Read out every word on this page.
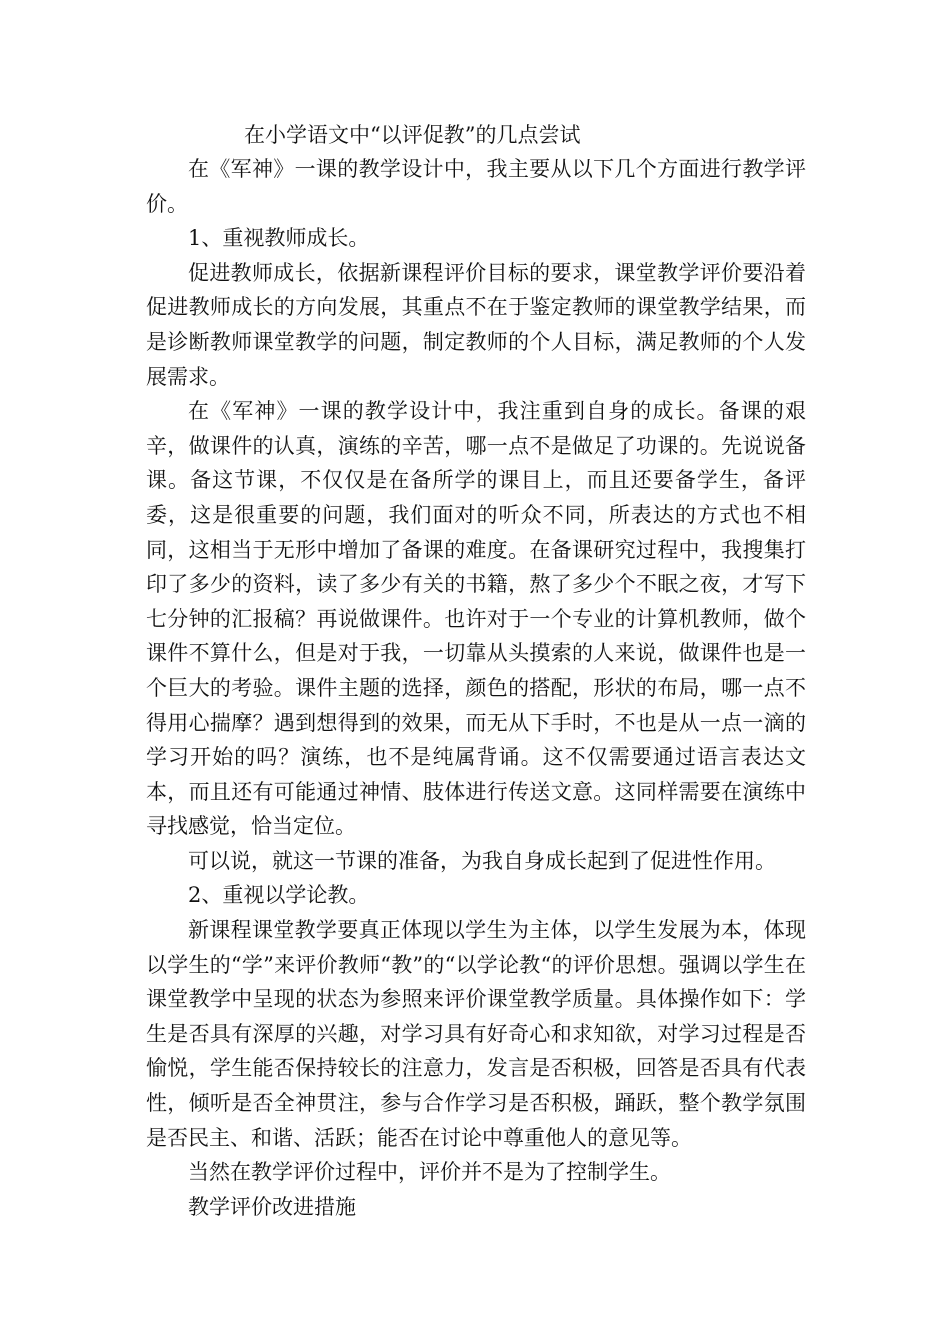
在小学语文中“以评促教”的几点尝试

在《军神》一课的教学设计中，我主要从以下几个方面进行教学评价。

1、重视教师成长。

促进教师成长，依据新课程评价目标的要求，课堂教学评价要沿着促进教师成长的方向发展，其重点不在于鉴定教师的课堂教学结果，而是诊断教师课堂教学的问题，制定教师的个人目标，满足教师的个人发展需求。

在《军神》一课的教学设计中，我注重到自身的成长。备课的艰辛，做课件的认真，演练的辛苦，哪一点不是做足了功课的。先说说备课。备这节课，不仅仅是在备所学的课目上，而且还要备学生，备评委，这是很重要的问题，我们面对的听众不同，所表达的方式也不相同，这相当于无形中增加了备课的难度。在备课研究过程中，我搜集打印了多少的资料，读了多少有关的书籍，熬了多少个不眠之夜，才写下七分钟的汇报稿？再说做课件。也许对于一个专业的计算机教师，做个课件不算什么，但是对于我，一切靠从头摸索的人来说，做课件也是一个巨大的考验。课件主题的选择，颜色的搭配，形状的布局，哪一点不得用心揣摩？遇到想得到的效果，而无从下手时，不也是从一点一滴的学习开始的吗？演练，也不是纯属背诵。这不仅需要通过语言表达文本，而且还有可能通过神情、肢体进行传送文意。这同样需要在演练中寻找感觉，恰当定位。

可以说，就这一节课的准备，为我自身成长起到了促进性作用。

2、重视以学论教。

新课程课堂教学要真正体现以学生为主体，以学生发展为本，体现以学生的“学”来评价教师“教”的“以学论教“的评价思想。强调以学生在课堂教学中呈现的状态为参照来评价课堂教学质量。具体操作如下：学生是否具有深厚的兴趣，对学习具有好奇心和求知欲，对学习过程是否愉悦，学生能否保持较长的注意力，发言是否积极，回答是否具有代表性，倾听是否全神贯注，参与合作学习是否积极，踊跃，整个教学氛围是否民主、和谐、活跃；能否在讨论中尊重他人的意见等。

当然在教学评价过程中，评价并不是为了控制学生。

教学评价改进措施
